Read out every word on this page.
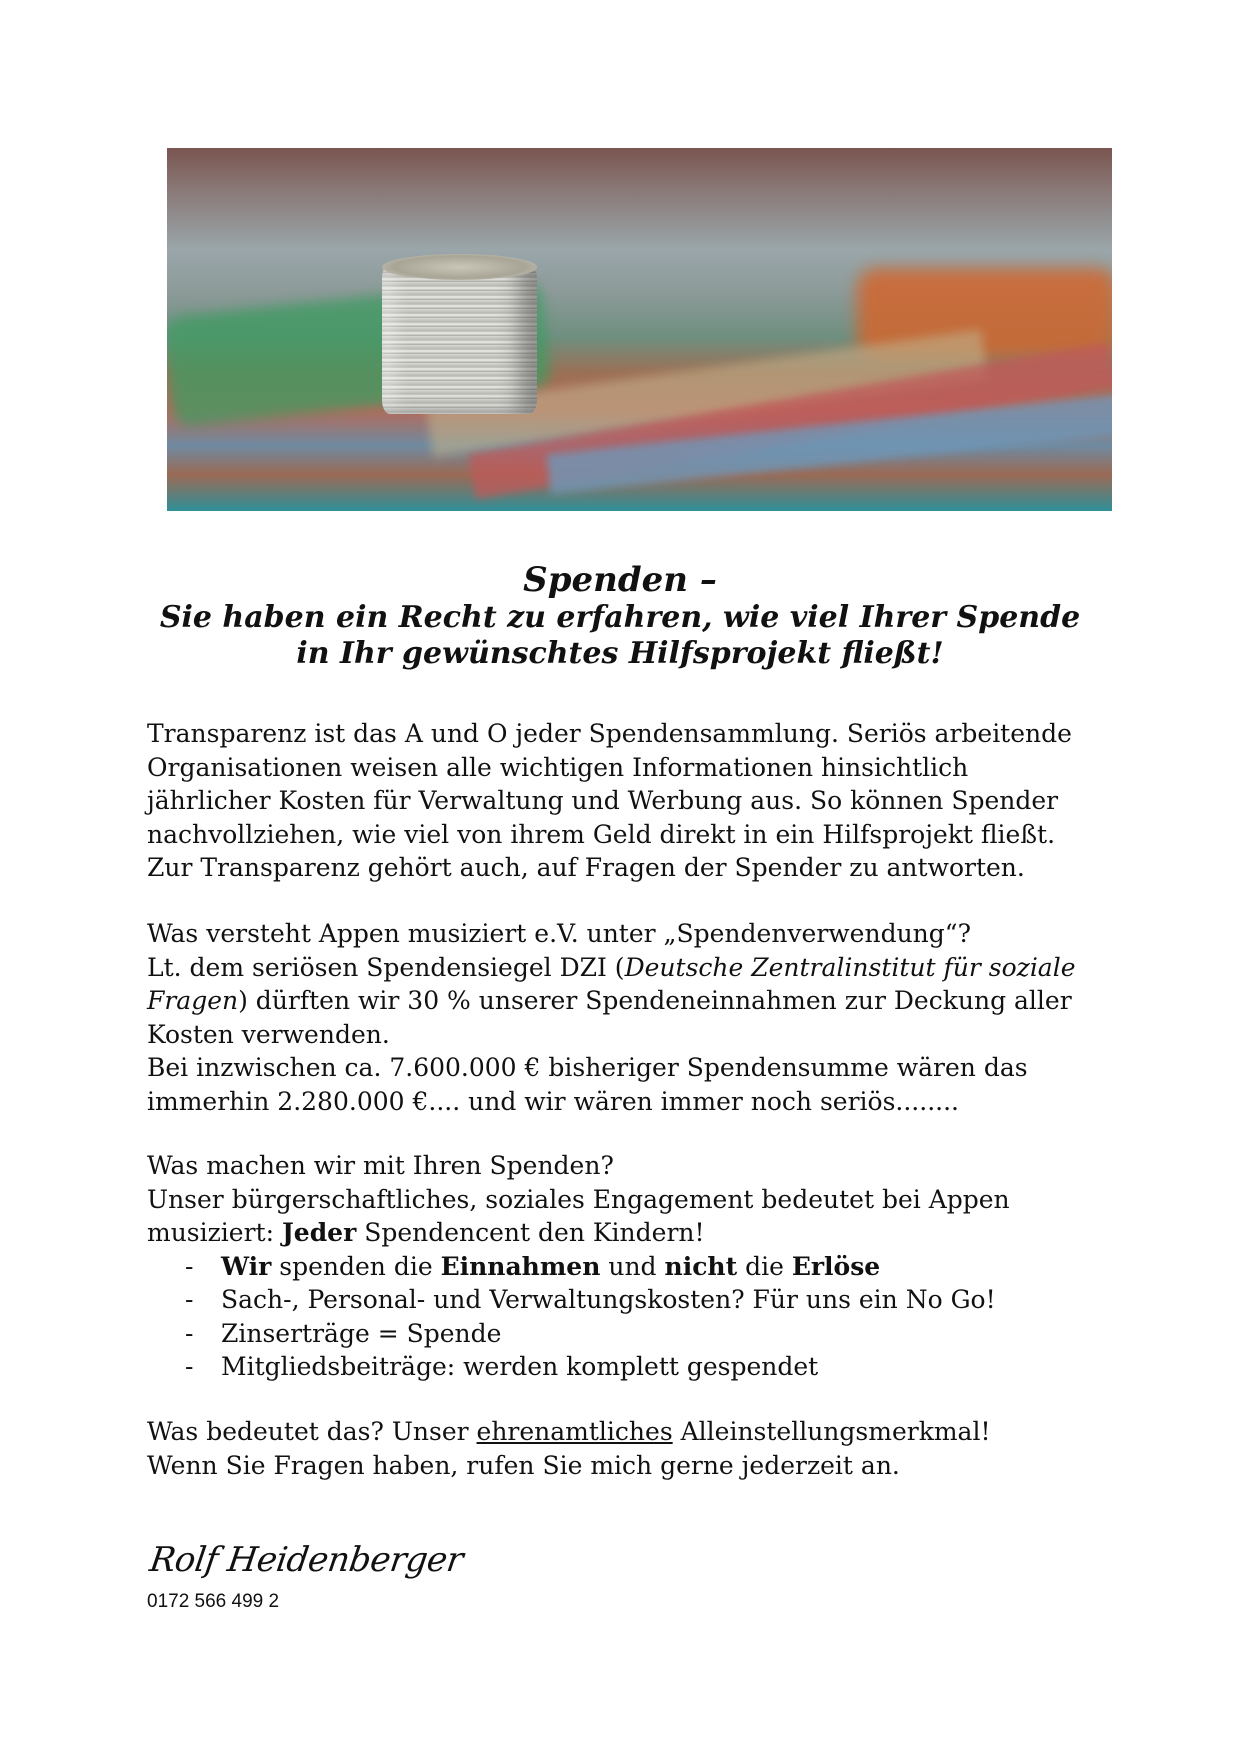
Spenden –
Sie haben ein Recht zu erfahren, wie viel Ihrer Spende
in Ihr gewünschtes Hilfsprojekt fließt!

Transparenz ist das A und O jeder Spendensammlung. Seriös arbeitende

Organisationen weisen alle wichtigen Informationen hinsichtlich

jährlicher Kosten für Verwaltung und Werbung aus. So können Spender

nachvollziehen, wie viel von ihrem Geld direkt in ein Hilfsprojekt fließt.

Zur Transparenz gehört auch, auf Fragen der Spender zu antworten.

Was versteht Appen musiziert e.V. unter „Spendenverwendung“?

Lt. dem seriösen Spendensiegel DZI (Deutsche Zentralinstitut für soziale

Fragen) dürften wir 30 % unserer Spendeneinnahmen zur Deckung aller

Kosten verwenden.

Bei inzwischen ca. 7.600.000 € bisheriger Spendensumme wären das

immerhin 2.280.000 €.... und wir wären immer noch seriös........

Was machen wir mit Ihren Spenden?

Unser bürgerschaftliches, soziales Engagement bedeutet bei Appen

musiziert: Jeder Spendencent den Kindern!

- Wir spenden die Einnahmen und nicht die Erlöse
- Sach-, Personal- und Verwaltungskosten? Für uns ein No Go!
- Zinserträge = Spende
- Mitgliedsbeiträge: werden komplett gespendet

Was bedeutet das? Unser ehrenamtliches Alleinstellungsmerkmal!

Wenn Sie Fragen haben, rufen Sie mich gerne jederzeit an.

Rolf Heidenberger
0172 566 499 2
